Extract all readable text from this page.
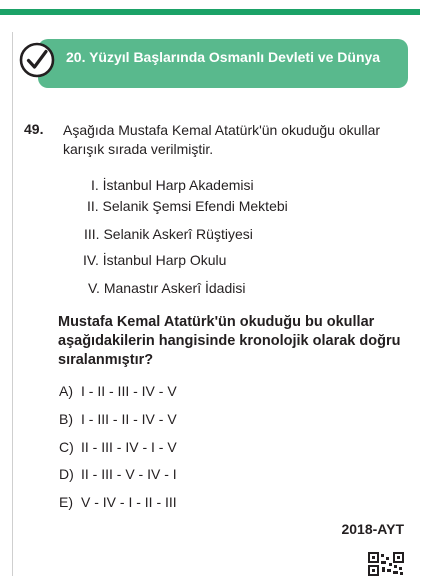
20. Yüzyıl Başlarında Osmanlı Devleti ve Dünya
49. Aşağıda Mustafa Kemal Atatürk'ün okuduğu okullar karışık sırada verilmiştir.
I. İstanbul Harp Akademisi
II. Selanik Şemsi Efendi Mektebi
III. Selanik Askerî Rüştiyesi
IV. İstanbul Harp Okulu
V. Manastır Askerî İdadisi
Mustafa Kemal Atatürk'ün okuduğu bu okullar aşağıdakilerin hangisinde kronolojik olarak doğru sıralanmıştır?
A) I - II - III - IV - V
B) I - III - II - IV - V
C) II - III - IV - I - V
D) II - III - V - IV - I
E) V - IV - I - II - III
2018-AYT
